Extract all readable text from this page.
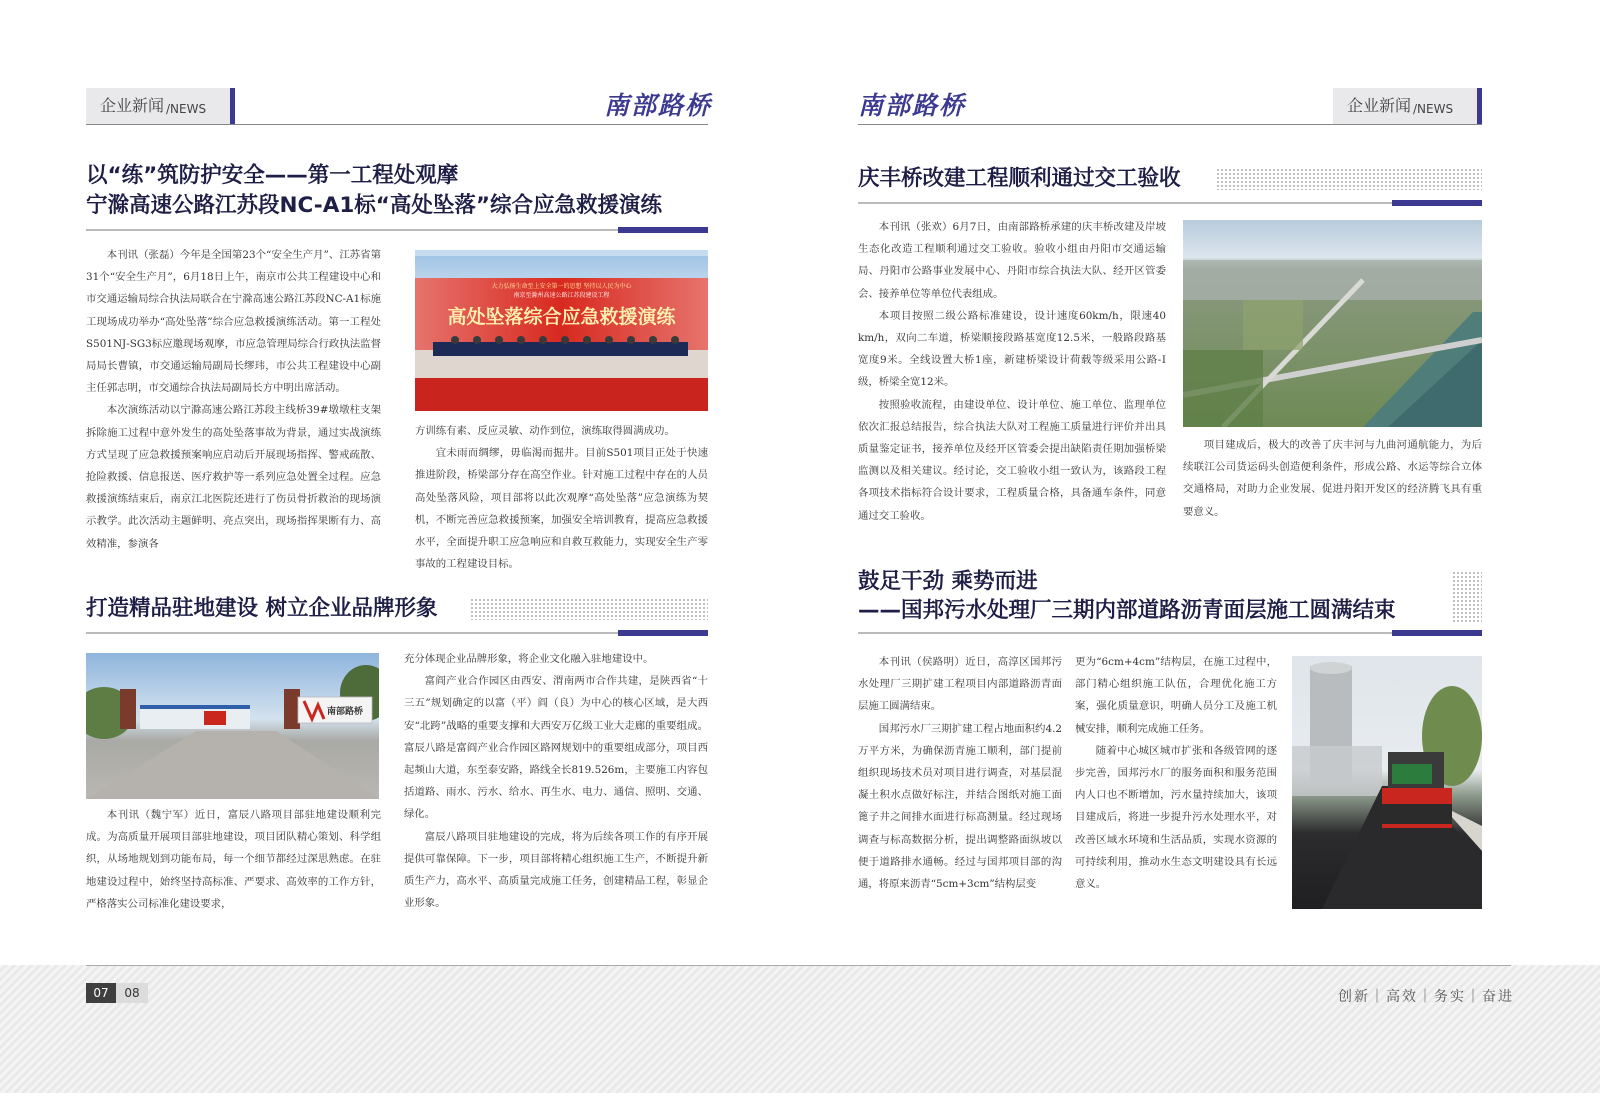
企业新闻 /NEWS	南部路桥	南部路桥	企业新闻 /NEWS
以“练”筑防护安全——第一工程处观摩
宁滁高速公路江苏段NC-A1标“高处坠落”综合应急救援演练

本刊讯（张磊）今年是全国第23个“安全生产月”、江苏省第31个“安全生产月”，6月18日上午，南京市公共工程建设中心和市交通运输局综合执法局联合在宁滁高速公路江苏段NC-A1标施工现场成功举办“高处坠落”综合应急救援演练活动。第一工程处S501NJ-SG3标应邀现场观摩，市应急管理局综合行政执法监督局局长曹镇，市交通运输局副局长缪玮，市公共工程建设中心副主任郭志明，市交通综合执法局副局长方中明出席活动。

本次演练活动以宁滁高速公路江苏段主线桥39#墩墩柱支架拆除施工过程中意外发生的高处坠落事故为背景，通过实战演练方式呈现了应急救援预案响应启动后开展现场指挥、警戒疏散、抢险救援、信息报送、医疗救护等一系列应急处置全过程。应急救援演练结束后，南京江北医院还进行了伤员骨折救治的现场演示教学。此次活动主题鲜明、亮点突出，现场指挥果断有力、高效精准，参演各

大力弘扬生命至上安全第一的思想 坚持以人民为中心
南京至滁州高速公路江苏段建设工程
高处坠落综合应急救援演练

方训练有素、反应灵敏、动作到位，演练取得圆满成功。

宜未雨而绸缪，毋临渴而掘井。目前S501项目正处于快速推进阶段，桥梁部分存在高空作业。针对施工过程中存在的人员高处坠落风险，项目部将以此次观摩“高处坠落”应急演练为契机，不断完善应急救援预案，加强安全培训教育，提高应急救援水平，全面提升职工应急响应和自救互救能力，实现安全生产零事故的工程建设目标。

打造精品驻地建设 树立企业品牌形象
南部路桥

本刊讯（魏宁军）近日，富辰八路项目部驻地建设顺利完成。为高质量开展项目部驻地建设，项目团队精心策划、科学组织，从场地规划到功能布局，每一个细节都经过深思熟虑。在驻地建设过程中，始终坚持高标准、严要求、高效率的工作方针，严格落实公司标准化建设要求，

充分体现企业品牌形象，将企业文化融入驻地建设中。

富阎产业合作园区由西安、渭南两市合作共建，是陕西省“十三五”规划确定的以富（平）阎（良）为中心的核心区域，是大西安“北跨”战略的重要支撑和大西安万亿级工业大走廊的重要组成。富辰八路是富阎产业合作园区路网规划中的重要组成部分，项目西起频山大道，东至泰安路，路线全长819.526m，主要施工内容包括道路、雨水、污水、给水、再生水、电力、通信、照明、交通、绿化。

富辰八路项目驻地建设的完成，将为后续各项工作的有序开展提供可靠保障。下一步，项目部将精心组织施工生产，不断提升新质生产力，高水平、高质量完成施工任务，创建精品工程，彰显企业形象。

庆丰桥改建工程顺利通过交工验收

本刊讯（张欢）6月7日，由南部路桥承建的庆丰桥改建及岸坡生态化改造工程顺利通过交工验收。验收小组由丹阳市交通运输局、丹阳市公路事业发展中心、丹阳市综合执法大队、经开区管委会、接养单位等单位代表组成。

本项目按照二级公路标准建设，设计速度60km/h，限速40　km/h，双向二车道，桥梁顺接段路基宽度12.5米，一般路段路基宽度9米。全线设置大桥1座，新建桥梁设计荷载等级采用公路-Ⅰ级，桥梁全宽12米。

按照验收流程，由建设单位、设计单位、施工单位、监理单位依次汇报总结报告，综合执法大队对工程施工质量进行评价并出具质量鉴定证书，接养单位及经开区管委会提出缺陷责任期加强桥梁监测以及相关建议。经讨论，交工验收小组一致认为，该路段工程各项技术指标符合设计要求，工程质量合格，具备通车条件，同意通过交工验收。

项目建成后，极大的改善了庆丰河与九曲河通航能力，为后续联江公司货运码头创造便利条件，形成公路、水运等综合立体交通格局，对助力企业发展、促进丹阳开发区的经济腾飞具有重要意义。

鼓足干劲 乘势而进
——国邦污水处理厂三期内部道路沥青面层施工圆满结束

本刊讯（侯路明）近日，高淳区国邦污水处理厂三期扩建工程项目内部道路沥青面层施工圆满结束。

国邦污水厂三期扩建工程占地面积约4.2万平方米，为确保沥青施工顺利，部门提前组织现场技术员对项目进行调查，对基层混凝土积水点做好标注，并结合图纸对施工面篦子井之间排水面进行标高测量。经过现场调查与标高数据分析，提出调整路面纵坡以便于道路排水通畅。经过与国邦项目部的沟通，将原来沥青“5cm+3cm”结构层变

更为“6cm+4cm”结构层，在施工过程中，部门精心组织施工队伍，合理优化施工方案，强化质量意识，明确人员分工及施工机械安排，顺利完成施工任务。

随着中心城区城市扩张和各级管网的逐步完善，国邦污水厂的服务面积和服务范围内人口也不断增加，污水量持续加大，该项目建成后，将进一步提升污水处理水平，对改善区域水环境和生活品质，实现水资源的可持续利用，推动水生态文明建设具有长远意义。

07	08	创新｜高效｜务实｜奋进
